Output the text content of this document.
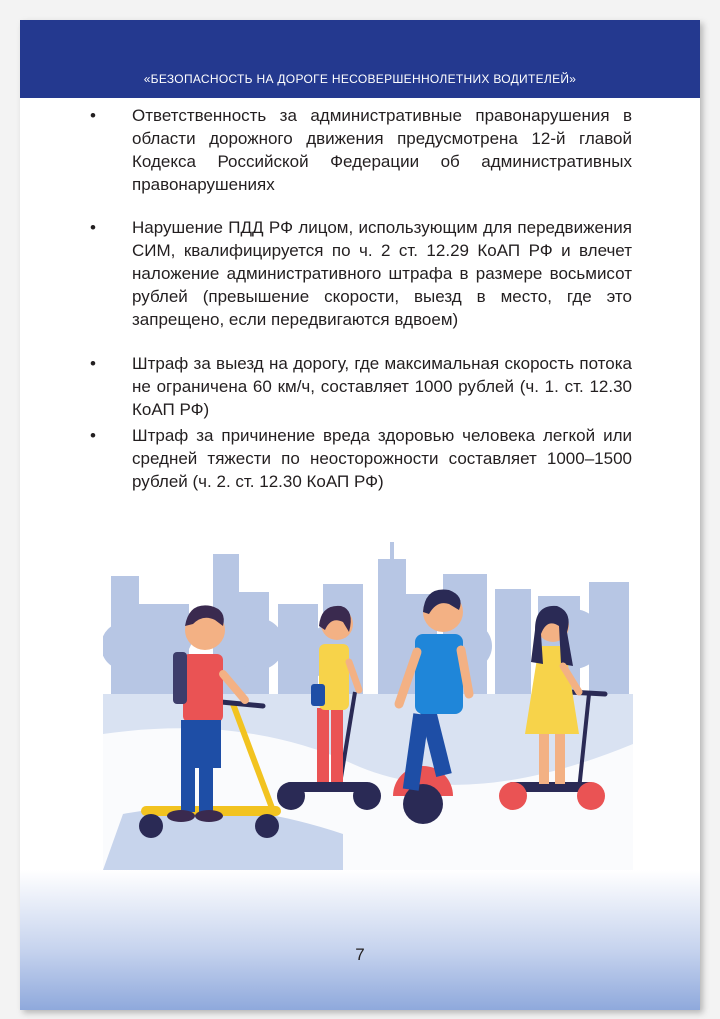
«БЕЗОПАСНОСТЬ НА ДОРОГЕ НЕСОВЕРШЕННОЛЕТНИХ ВОДИТЕЛЕЙ»
• Ответственность за административные правонарушения в области дорожного движения предусмотрена 12-й главой Кодекса Российской Федерации об административных правонарушениях
• Нарушение ПДД РФ лицом, использующим для передвижения СИМ, квалифицируется по ч. 2 ст. 12.29 КоАП РФ и влечет наложение административного штрафа в размере восьмисот рублей (превышение скорости, выезд в место, где это запрещено, если передвигаются вдвоем)
• Штраф за выезд на дорогу, где максимальная скорость потока не ограничена 60 км/ч, составляет 1000 рублей (ч. 1. ст. 12.30 КоАП РФ)
• Штраф за причинение вреда здоровью человека легкой или средней тяжести по неосторожности составляет 1000–1500 рублей (ч. 2. ст. 12.30 КоАП РФ)
7
